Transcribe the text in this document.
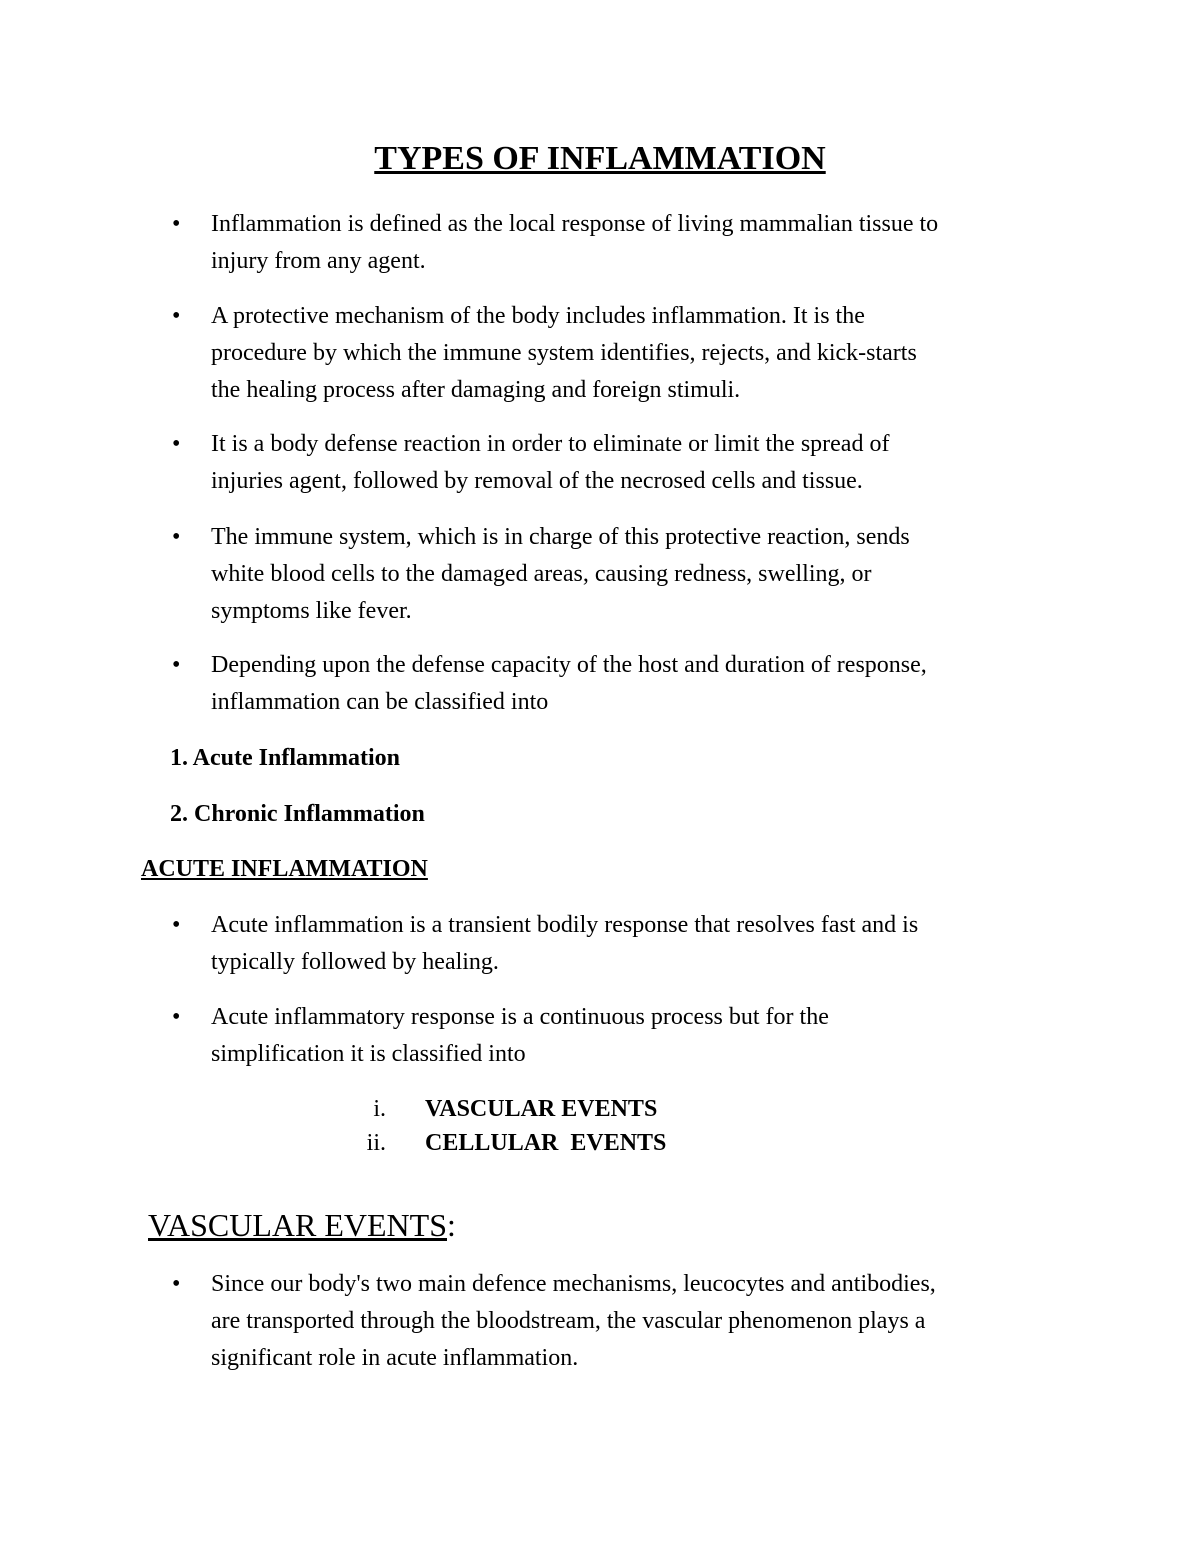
TYPES OF INFLAMMATION
• Inflammation is defined as the local response of living mammalian tissue to
injury from any agent.
• A protective mechanism of the body includes inflammation. It is the
procedure by which the immune system identifies, rejects, and kick-starts
the healing process after damaging and foreign stimuli.
• It is a body defense reaction in order to eliminate or limit the spread of
injuries agent, followed by removal of the necrosed cells and tissue.
• The immune system, which is in charge of this protective reaction, sends
white blood cells to the damaged areas, causing redness, swelling, or
symptoms like fever.
• Depending upon the defense capacity of the host and duration of response,
inflammation can be classified into
1. Acute Inflammation
2. Chronic Inflammation
ACUTE INFLAMMATION
• Acute inflammation is a transient bodily response that resolves fast and is
typically followed by healing.
• Acute inflammatory response is a continuous process but for the
simplification it is classified into
i. VASCULAR EVENTS
ii. CELLULAR  EVENTS
VASCULAR EVENTS:
• Since our body's two main defence mechanisms, leucocytes and antibodies,
are transported through the bloodstream, the vascular phenomenon plays a
significant role in acute inflammation.
